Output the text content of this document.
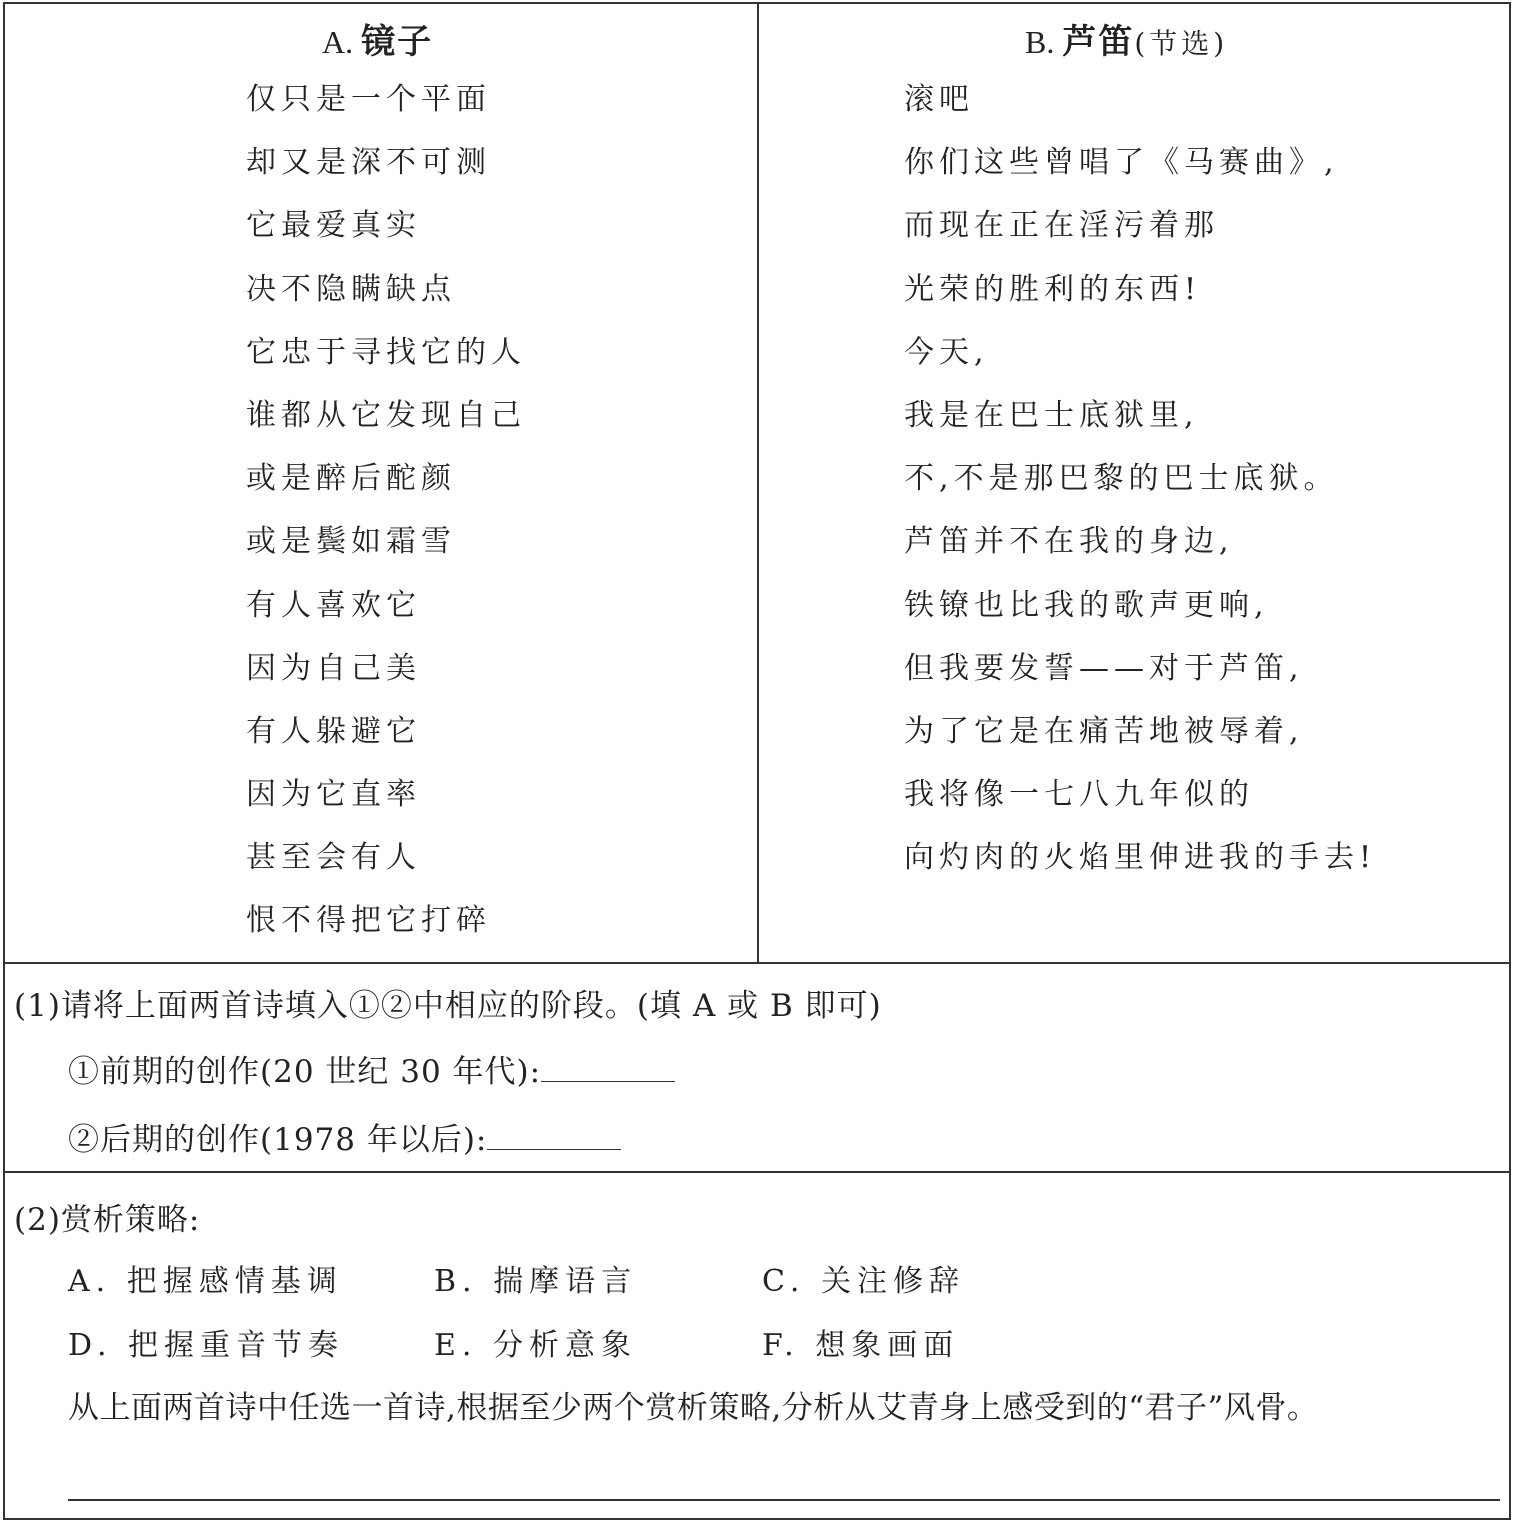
A. 镜子
仅只是一个平面
却又是深不可测
它最爱真实
决不隐瞒缺点
它忠于寻找它的人
谁都从它发现自己
或是醉后酡颜
或是鬓如霜雪
有人喜欢它
因为自己美
有人躲避它
因为它直率
甚至会有人
恨不得把它打碎
B. 芦笛(节选)
滚吧
你们这些曾唱了《马赛曲》,
而现在正在淫污着那
光荣的胜利的东西!
今天,
我是在巴士底狱里,
不,不是那巴黎的巴士底狱。
芦笛并不在我的身边,
铁镣也比我的歌声更响,
但我要发誓——对于芦笛,
为了它是在痛苦地被辱着,
我将像一七八九年似的
向灼肉的火焰里伸进我的手去!
(1)请将上面两首诗填入①②中相应的阶段。(填 A 或 B 即可)
①前期的创作(20 世纪 30 年代):
②后期的创作(1978 年以后):
(2)赏析策略:
A. 把握感情基调	B. 揣摩语言	C. 关注修辞
D. 把握重音节奏	E. 分析意象	F. 想象画面
从上面两首诗中任选一首诗,根据至少两个赏析策略,分析从艾青身上感受到的“君子”风骨。
